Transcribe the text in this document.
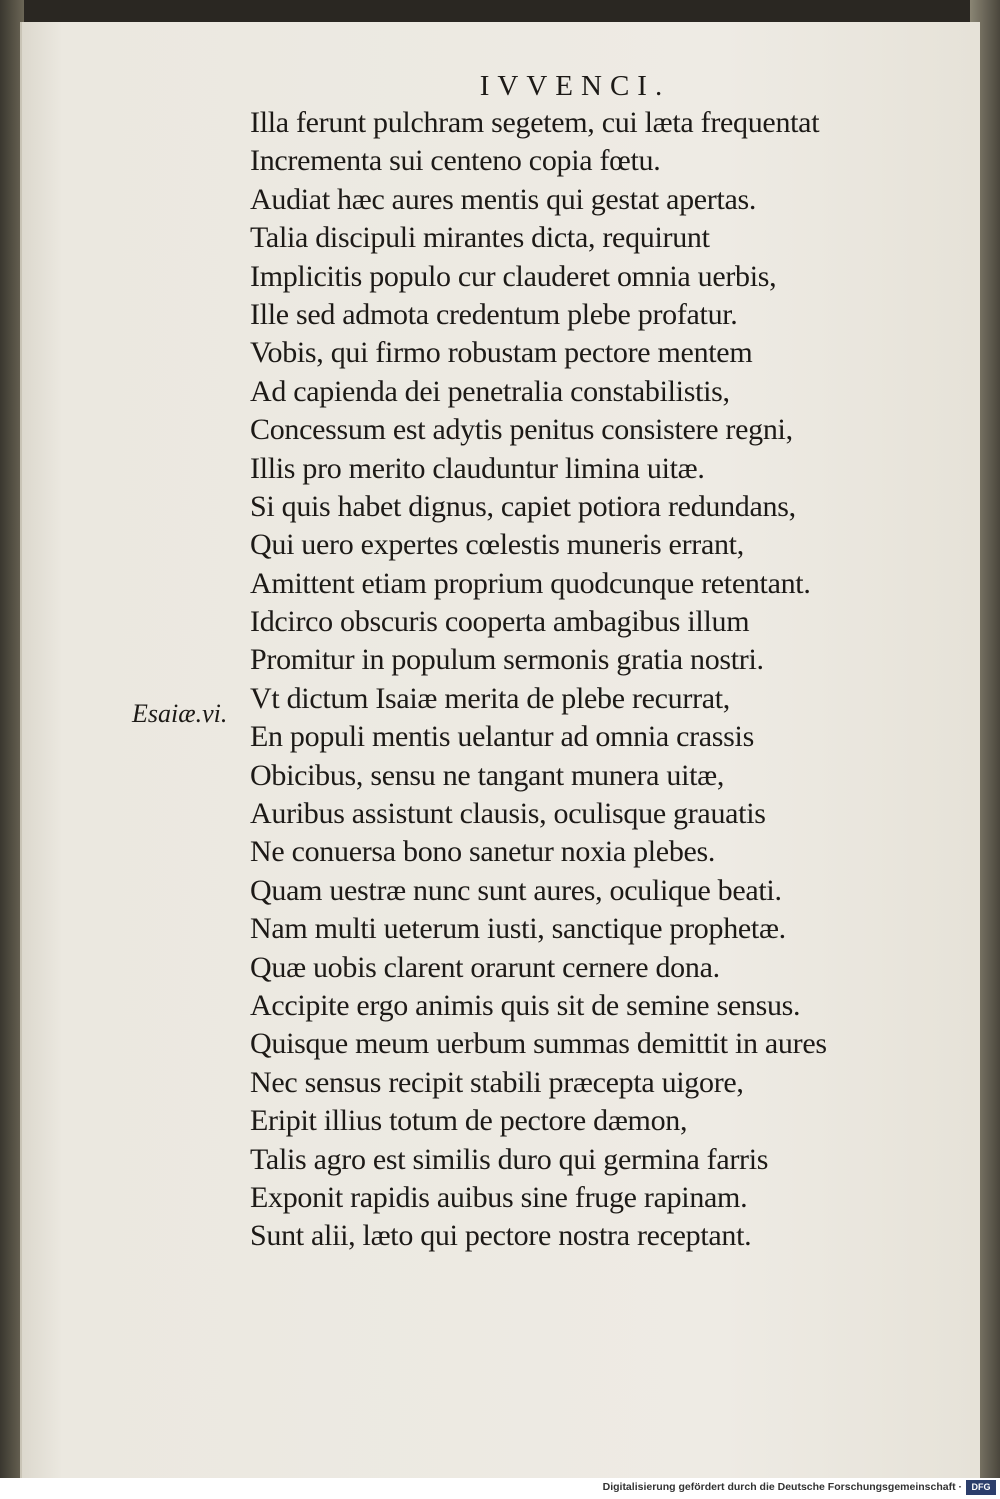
IVVENCI.
Esaiæ.vi.
Illa ferunt pulchram segetem, cui læta frequentat
Incrementa sui centeno copia fœtu.
Audiat hæc aures mentis qui gestat apertas.
Talia discipuli mirantes dicta, requirunt
Implicitis populo cur clauderet omnia uerbis,
Ille sed admota credentum plebe profatur.
Vobis, qui firmo robustam pectore mentem
Ad capienda dei penetralia constabilistis,
Concessum est adytis penitus consistere regni,
Illis pro merito clauduntur limina uitæ.
Si quis habet dignus, capiet potiora redundans,
Qui uero expertes cœlestis muneris errant,
Amittent etiam proprium quodcunque retentant.
Idcirco obscuris cooperta ambagibus illum
Promitur in populum sermonis gratia nostri.
Vt dictum Isaiæ merita de plebe recurrat,
En populi mentis uelantur ad omnia crassis
Obicibus, sensu ne tangant munera uitæ,
Auribus assistunt clausis, oculisque grauatis
Ne conuersa bono sanetur noxia plebes.
Quam uestræ nunc sunt aures, oculique beati.
Nam multi ueterum iusti, sanctique prophetæ.
Quæ uobis clarent orarunt cernere dona.
Accipite ergo animis quis sit de semine sensus.
Quisque meum uerbum summas demittit in aures
Nec sensus recipit stabili præcepta uigore,
Eripit illius totum de pectore dæmon,
Talis agro est similis duro qui germina farris
Exponit rapidis auibus sine fruge rapinam.
Sunt alii, læto qui pectore nostra receptant.
Digitalisierung gefördert durch die Deutsche Forschungsgemeinschaft ·	DFG
